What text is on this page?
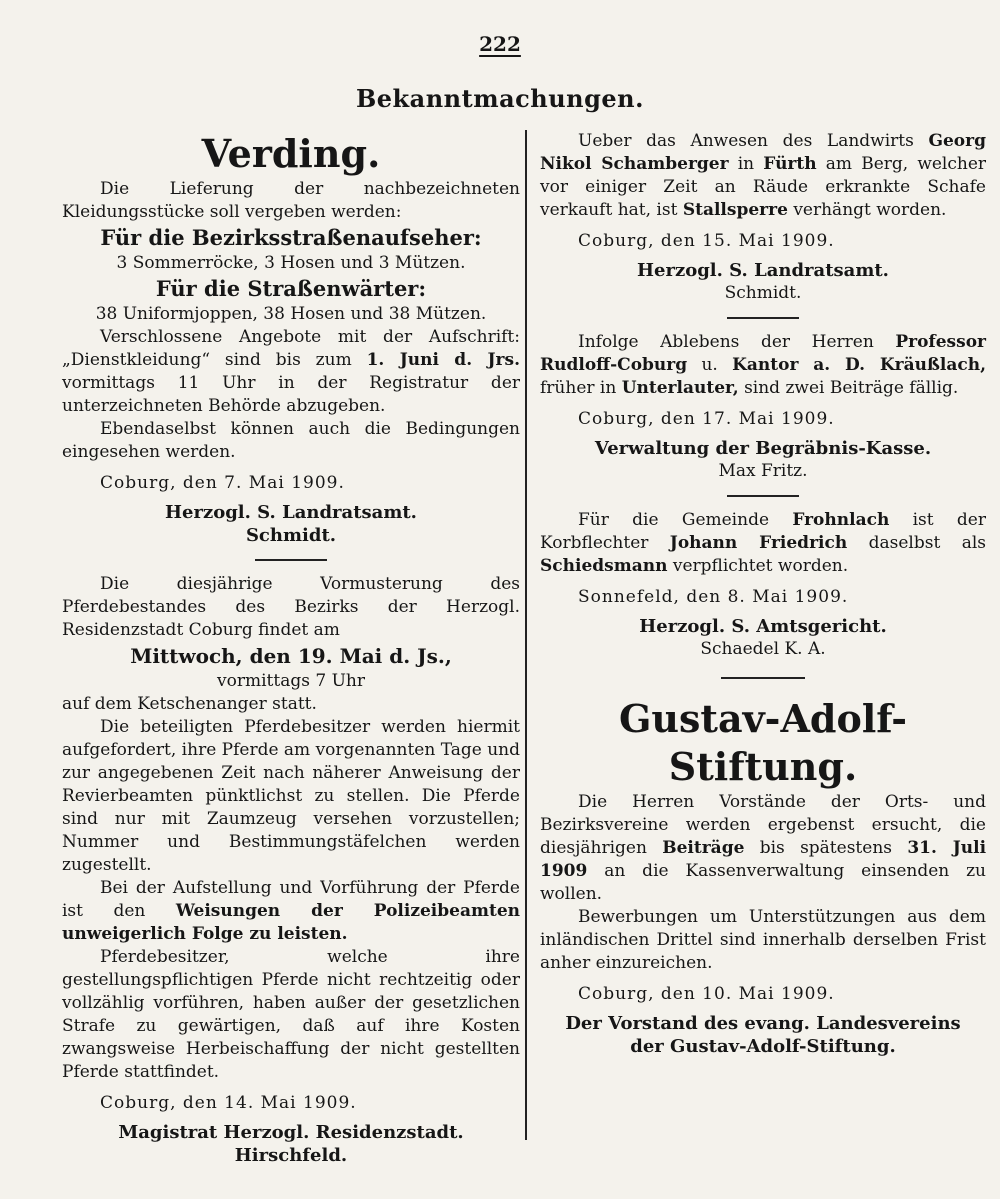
222
Bekanntmachungen.
Verding.

Die Lieferung der nachbezeichneten Kleidungsstücke soll vergeben werden:

Für die Bezirksstraßenaufseher:

3 Sommerröcke, 3 Hosen und 3 Mützen.

Für die Straßenwärter:

38 Uniformjoppen, 38 Hosen und 38 Mützen.

Verschlossene Angebote mit der Aufschrift: „Dienstkleidung“ sind bis zum 1. Juni d. Jrs. vormittags 11 Uhr in der Registratur der unterzeichneten Behörde abzugeben.

Ebendaselbst können auch die Bedingungen eingesehen werden.

Coburg, den 7. Mai 1909.

Herzogl. S. Landratsamt.

Schmidt.

Die diesjährige Vormusterung des Pferdebestandes des Bezirks der Herzogl. Residenzstadt Coburg findet am

Mittwoch, den 19. Mai d. Js.,

vormittags 7 Uhr

auf dem Ketschenanger statt.

Die beteiligten Pferdebesitzer werden hiermit aufgefordert, ihre Pferde am vorgenannten Tage und zur angegebenen Zeit nach näherer Anweisung der Revierbeamten pünktlichst zu stellen. Die Pferde sind nur mit Zaumzeug versehen vorzustellen; Nummer und Bestimmungstäfelchen werden zugestellt.

Bei der Aufstellung und Vorführung der Pferde ist den Weisungen der Polizeibeamten unweigerlich Folge zu leisten.

Pferdebesitzer, welche ihre gestellungspflichtigen Pferde nicht rechtzeitig oder vollzählig vorführen, haben außer der gesetzlichen Strafe zu gewärtigen, daß auf ihre Kosten zwangsweise Herbeischaffung der nicht gestellten Pferde stattfindet.

Coburg, den 14. Mai 1909.

Magistrat Herzogl. Residenzstadt.

Hirschfeld.

Ueber das Anwesen des Landwirts Georg Nikol Schamberger in Fürth am Berg, welcher vor einiger Zeit an Räude erkrankte Schafe verkauft hat, ist Stallsperre verhängt worden.

Coburg, den 15. Mai 1909.

Herzogl. S. Landratsamt.

Schmidt.

Infolge Ablebens der Herren Professor Rudloff-Coburg u. Kantor a. D. Kräußlach, früher in Unterlauter, sind zwei Beiträge fällig.

Coburg, den 17. Mai 1909.

Verwaltung der Begräbnis-Kasse.

Max Fritz.

Für die Gemeinde Frohnlach ist der Korbflechter Johann Friedrich daselbst als Schiedsmann verpflichtet worden.

Sonnefeld, den 8. Mai 1909.

Herzogl. S. Amtsgericht.

Schaedel K. A.

Gustav-Adolf-Stiftung.

Die Herren Vorstände der Orts- und Bezirksvereine werden ergebenst ersucht, die diesjährigen Beiträge bis spätestens 31. Juli 1909 an die Kassenverwaltung einsenden zu wollen.

Bewerbungen um Unterstützungen aus dem inländischen Drittel sind innerhalb derselben Frist anher einzureichen.

Coburg, den 10. Mai 1909.

Der Vorstand des evang. Landesvereins

der Gustav-Adolf-Stiftung.
